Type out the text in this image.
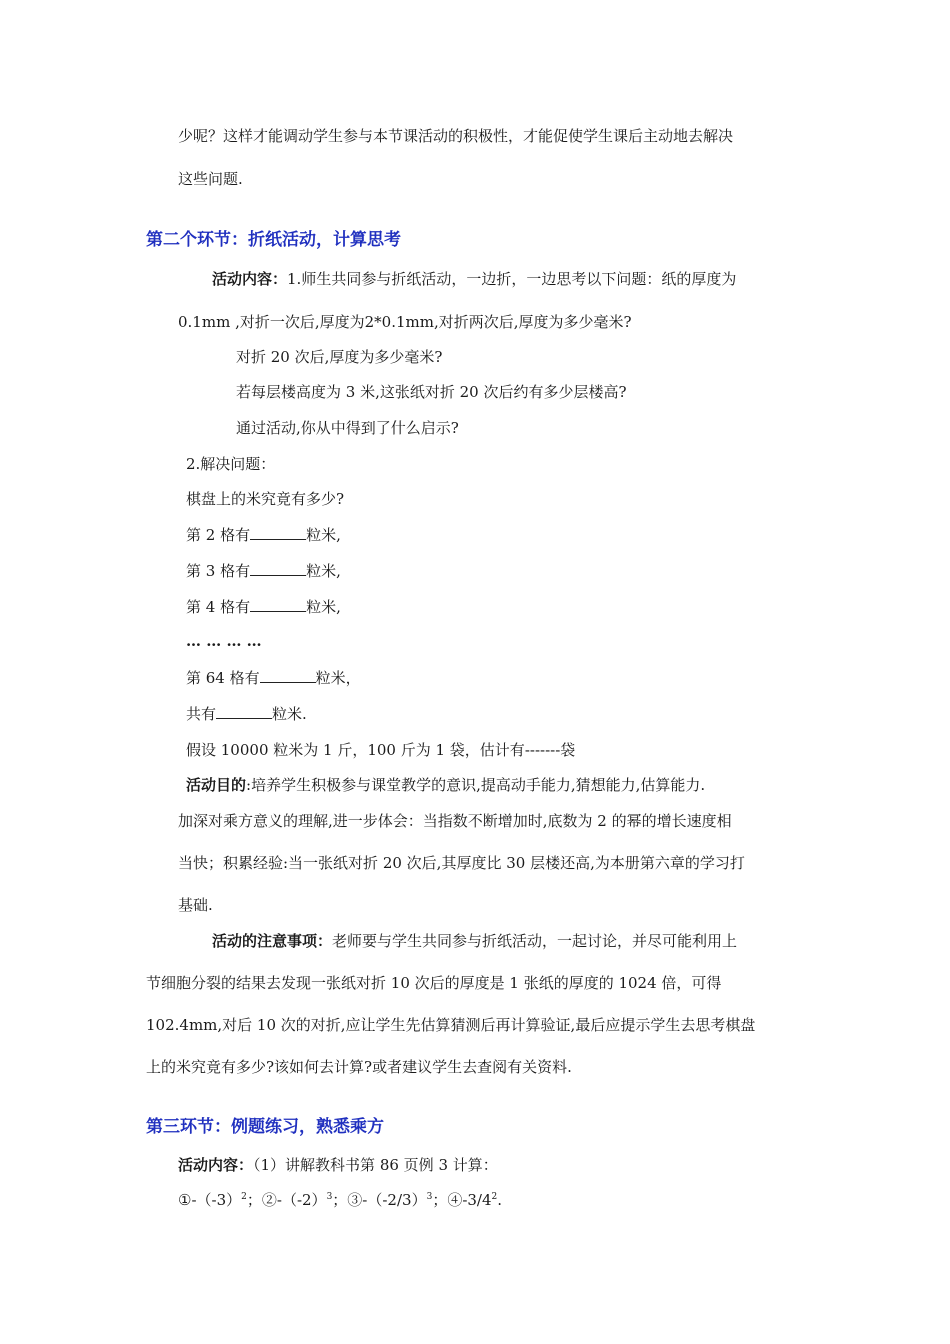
少呢？这样才能调动学生参与本节课活动的积极性，才能促使学生课后主动地去解决
这些问题.
第二个环节：折纸活动，计算思考
活动内容：1.师生共同参与折纸活动，一边折，一边思考以下问题：纸的厚度为
0.1mm ,对折一次后,厚度为2*0.1mm,对折两次后,厚度为多少毫米?
对折 20 次后,厚度为多少毫米?
若每层楼高度为 3 米,这张纸对折 20 次后约有多少层楼高?
通过活动,你从中得到了什么启示?
2.解决问题：
棋盘上的米究竟有多少?
第 2 格有	粒米,
第 3 格有	粒米,
第 4 格有	粒米,
… … … …
第 64 格有	粒米，
共有	粒米.
假设 10000 粒米为 1 斤，100 斤为 1 袋，估计有-------袋
活动目的:培养学生积极参与课堂教学的意识,提高动手能力,猜想能力,估算能力.
加深对乘方意义的理解,进一步体会：当指数不断增加时,底数为 2 的幂的增长速度相
当快；积累经验:当一张纸对折 20 次后,其厚度比 30 层楼还高,为本册第六章的学习打
基础.
活动的注意事项：老师要与学生共同参与折纸活动，一起讨论，并尽可能利用上
节细胞分裂的结果去发现一张纸对折 10 次后的厚度是 1 张纸的厚度的 1024 倍，可得
102.4mm,对后 10 次的对折,应让学生先估算猜测后再计算验证,最后应提示学生去思考棋盘
上的米究竟有多少?该如何去计算?或者建议学生去查阅有关资料.
第三环节：例题练习，熟悉乘方
活动内容：（1）讲解教科书第 86 页例 3 计算：
$①-(-3)^2$；$②-(-2)^3$；$③-(-2/3)^3$；$④-3/4^2$.
